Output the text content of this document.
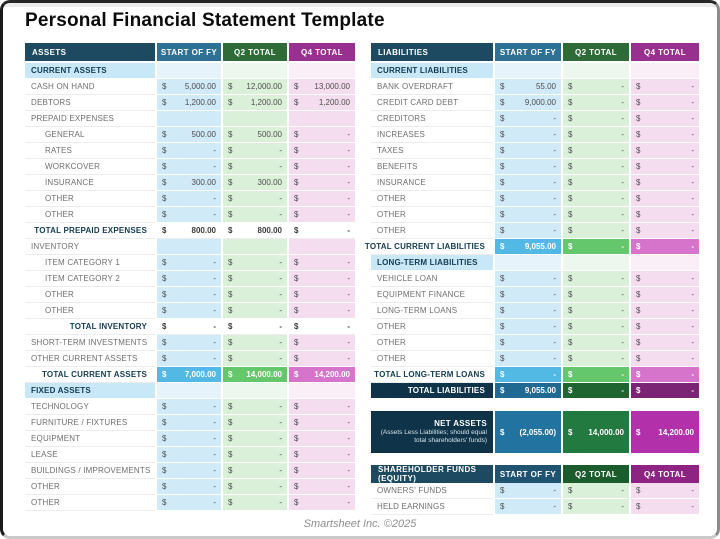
Personal Financial Statement Template
ASSETS	START OF FY	Q2 TOTAL	Q4 TOTAL
CURRENT ASSETS
CASH ON HAND	$ 5,000.00 $ 12,000.00 $ 13,000.00
DEBTORS	$ 1,200.00 $ 1,200.00 $	1,200.00
PREPAID EXPENSES
GENERAL	$	500.00 $	500.00 $	-
RATES	$	- $	- $	-
WORKCOVER	$	- $	- $	-
INSURANCE	$	300.00 $	300.00 $	-
OTHER	$	- $	- $	-
OTHER	$	- $	- $	-
TOTAL PREPAID EXPENSES	$	800.00 $	800.00 $	-
INVENTORY
ITEM CATEGORY 1	$	- $	- $	-
ITEM CATEGORY 2	$	- $	- $	-
OTHER	$	- $	- $	-
OTHER	$	- $	- $	-
TOTAL INVENTORY	$	- $	- $	-
SHORT-TERM INVESTMENTS	$	- $	- $	-
OTHER CURRENT ASSETS	$	- $	- $	-
TOTAL CURRENT ASSETS	$ 7,000.00 $ 14,000.00 $ 14,200.00
FIXED ASSETS
TECHNOLOGY	$	- $	- $	-
FURNITURE / FIXTURES	$	- $	- $	-
EQUIPMENT	$	- $	- $	-
LEASE	$	- $	- $	-
BUILDINGS / IMPROVEMENTS	$	- $	- $	-
OTHER	$	- $	- $	-
OTHER	$	- $	- $	-
LIABILITIES	START OF FY	Q2 TOTAL	Q4 TOTAL
CURRENT LIABILITIES
BANK OVERDRAFT	$	55.00 $	- $	-
CREDIT CARD DEBT	$	9,000.00 $	- $	-
CREDITORS	$	- $	- $	-
INCREASES	$	- $	- $	-
TAXES	$	- $	- $	-
BENEFITS	$	- $	- $	-
INSURANCE	$	- $	- $	-
OTHER	$	- $	- $	-
OTHER	$	- $	- $	-
OTHER	$	- $	- $	-
TOTAL CURRENT LIABILITIES	$	9,055.00 $	- $	-
LONG-TERM LIABILITIES
VEHICLE LOAN	$	- $	- $	-
EQUIPMENT FINANCE	$	- $	- $	-
LONG-TERM LOANS	$	- $	- $	-
OTHER	$	- $	- $	-
OTHER	$	- $	- $	-
OTHER	$	- $	- $	-
TOTAL LONG-TERM LOANS	$	- $	- $	-
TOTAL LIABILITIES	$	9,055.00 $	- $	-
NET ASSETS
(Assets Less Liabilities; should equal total shareholders' funds)
$ (2,055.00) $ 14,000.00 $ 14,200.00
SHAREHOLDER FUNDS (EQUITY)	START OF FY	Q2 TOTAL	Q4 TOTAL
OWNERS' FUNDS	$	- $	- $	-
HELD EARNINGS	$	- $	- $	-
Smartsheet Inc. ©2025
